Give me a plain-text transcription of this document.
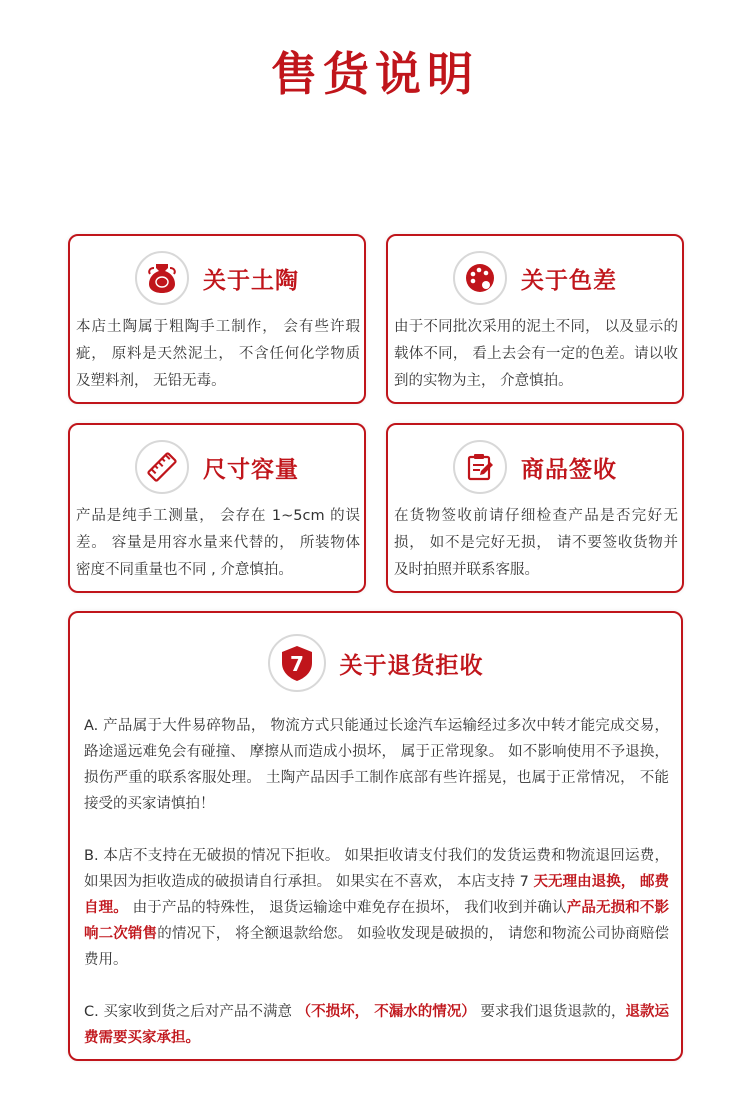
售货说明
关于土陶
本店土陶属于粗陶手工制作， 会有些许瑕疵， 原料是天然泥土， 不含任何化学物质及塑料剂， 无铅无毒。
关于色差
由于不同批次采用的泥土不同， 以及显示的载体不同， 看上去会有一定的色差。请以收到的实物为主， 介意慎拍。
尺寸容量
产品是纯手工测量， 会存在 1~5cm 的误差。 容量是用容水量来代替的， 所装物体密度不同重量也不同 , 介意慎拍。
商品签收
在货物签收前请仔细检查产品是否完好无损， 如不是完好无损， 请不要签收货物并及时拍照并联系客服。
7 关于退货拒收

A. 产品属于大件易碎物品， 物流方式只能通过长途汽车运输经过多次中转才能完成交易， 路途遥远难免会有碰撞、 摩擦从而造成小损坏， 属于正常现象。 如不影响使用不予退换， 损伤严重的联系客服处理。 土陶产品因手工制作底部有些许摇晃，也属于正常情况， 不能接受的买家请慎拍！

B. 本店不支持在无破损的情况下拒收。 如果拒收请支付我们的发货运费和物流退回运费， 如果因为拒收造成的破损请自行承担。 如果实在不喜欢， 本店支持 7 天无理由退换， 邮费自理。 由于产品的特殊性， 退货运输途中难免存在损坏， 我们收到并确认产品无损和不影响二次销售的情况下， 将全额退款给您。 如验收发现是破损的， 请您和物流公司协商赔偿费用。

C. 买家收到货之后对产品不满意 （不损坏， 不漏水的情况） 要求我们退货退款的，退款运费需要买家承担。
